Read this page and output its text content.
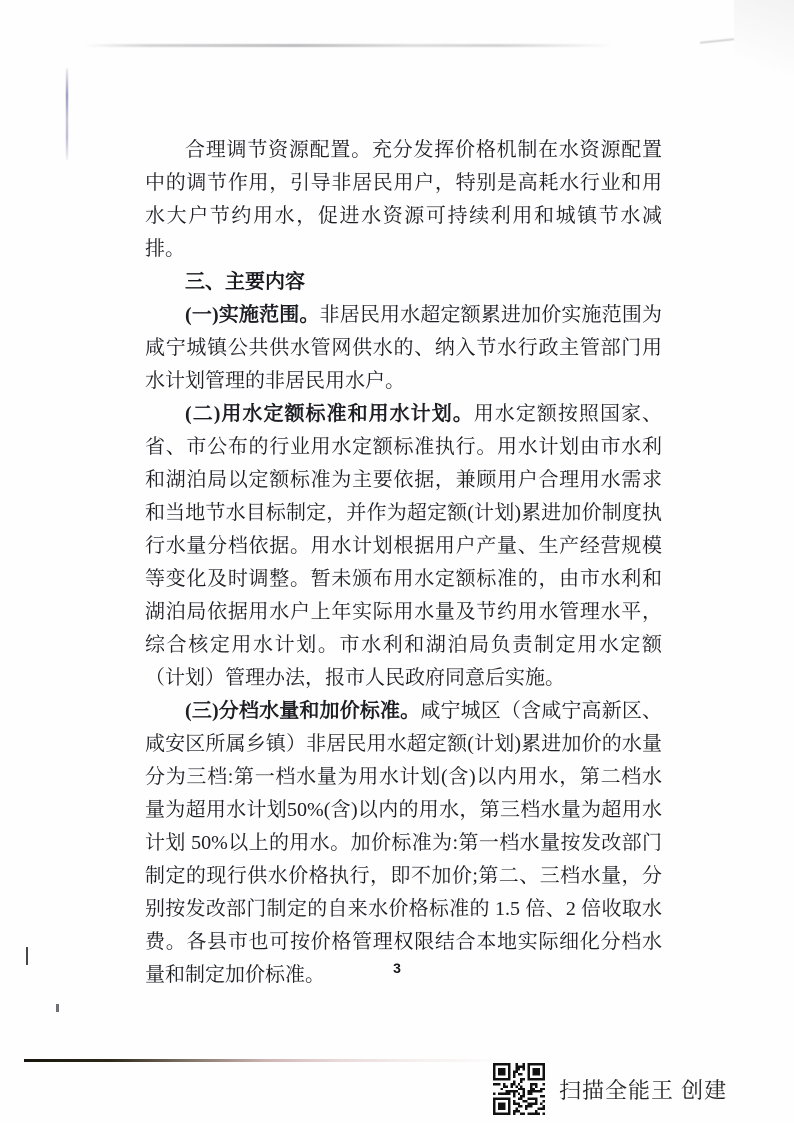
合理调节资源配置。充分发挥价格机制在水资源配置中的调节作用，引导非居民用户，特别是高耗水行业和用水大户节约用水，促进水资源可持续利用和城镇节水减排。

三、主要内容

(一)实施范围。非居民用水超定额累进加价实施范围为咸宁城镇公共供水管网供水的、纳入节水行政主管部门用水计划管理的非居民用水户。

(二)用水定额标准和用水计划。用水定额按照国家、省、市公布的行业用水定额标准执行。用水计划由市水利和湖泊局以定额标准为主要依据，兼顾用户合理用水需求和当地节水目标制定，并作为超定额(计划)累进加价制度执行水量分档依据。用水计划根据用户产量、生产经营规模等变化及时调整。暂未颁布用水定额标准的，由市水利和湖泊局依据用水户上年实际用水量及节约用水管理水平，综合核定用水计划。市水利和湖泊局负责制定用水定额（计划）管理办法，报市人民政府同意后实施。

(三)分档水量和加价标准。咸宁城区（含咸宁高新区、咸安区所属乡镇）非居民用水超定额(计划)累进加价的水量分为三档:第一档水量为用水计划(含)以内用水，第二档水量为超用水计划50%(含)以内的用水，第三档水量为超用水计划 50%以上的用水。加价标准为:第一档水量按发改部门制定的现行供水价格执行，即不加价;第二、三档水量，分别按发改部门制定的自来水价格标准的 1.5 倍、2 倍收取水费。各县市也可按价格管理权限结合本地实际细化分档水量和制定加价标准。	3
扫描全能王 创建
